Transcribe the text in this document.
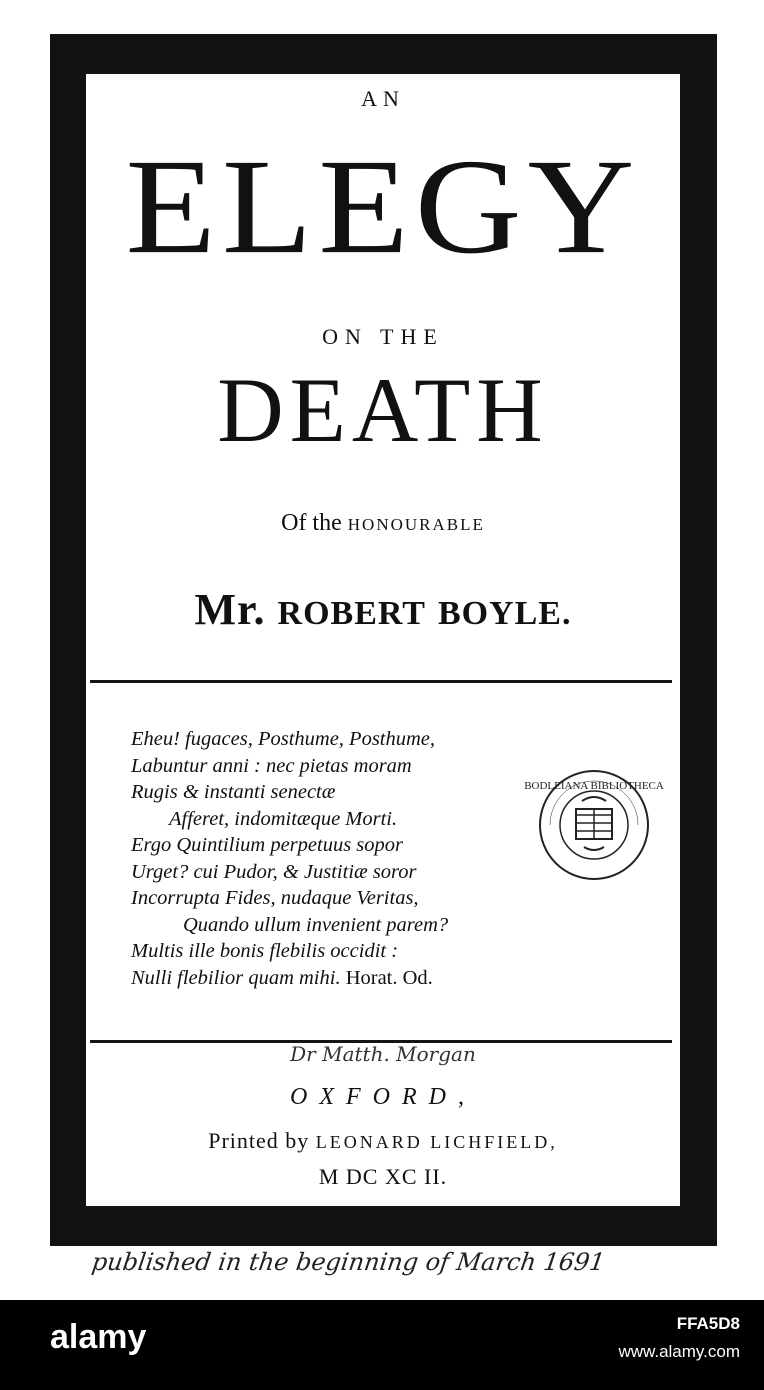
AN
ELEGY
ON THE
DEATH
Of the HONOURABLE
Mr. ROBERT BOYLE.
Eheu! fugaces, Posthume, Posthume,
Labuntur anni : nec pietas moram
Rugis & instanti senectæ
Afferet, indomitæque Morti.
Ergo Quintilium perpetuus sopor
Urget? cui Pudor, & Justitiæ soror
Incorrupta Fides, nudaque Veritas,
Quando ullum invenient parem?
Multis ille bonis flebilis occidit :
Nulli flebilior quam mihi. Horat. Od.
BODLEIANA BIBLIOTHECA
Dr Matth. Morgan
OXFORD,
Printed by LEONARD LICHFIELD,
M DC XC II.
published in the beginning of March 1691
alamy	FFA5D8
www.alamy.com
